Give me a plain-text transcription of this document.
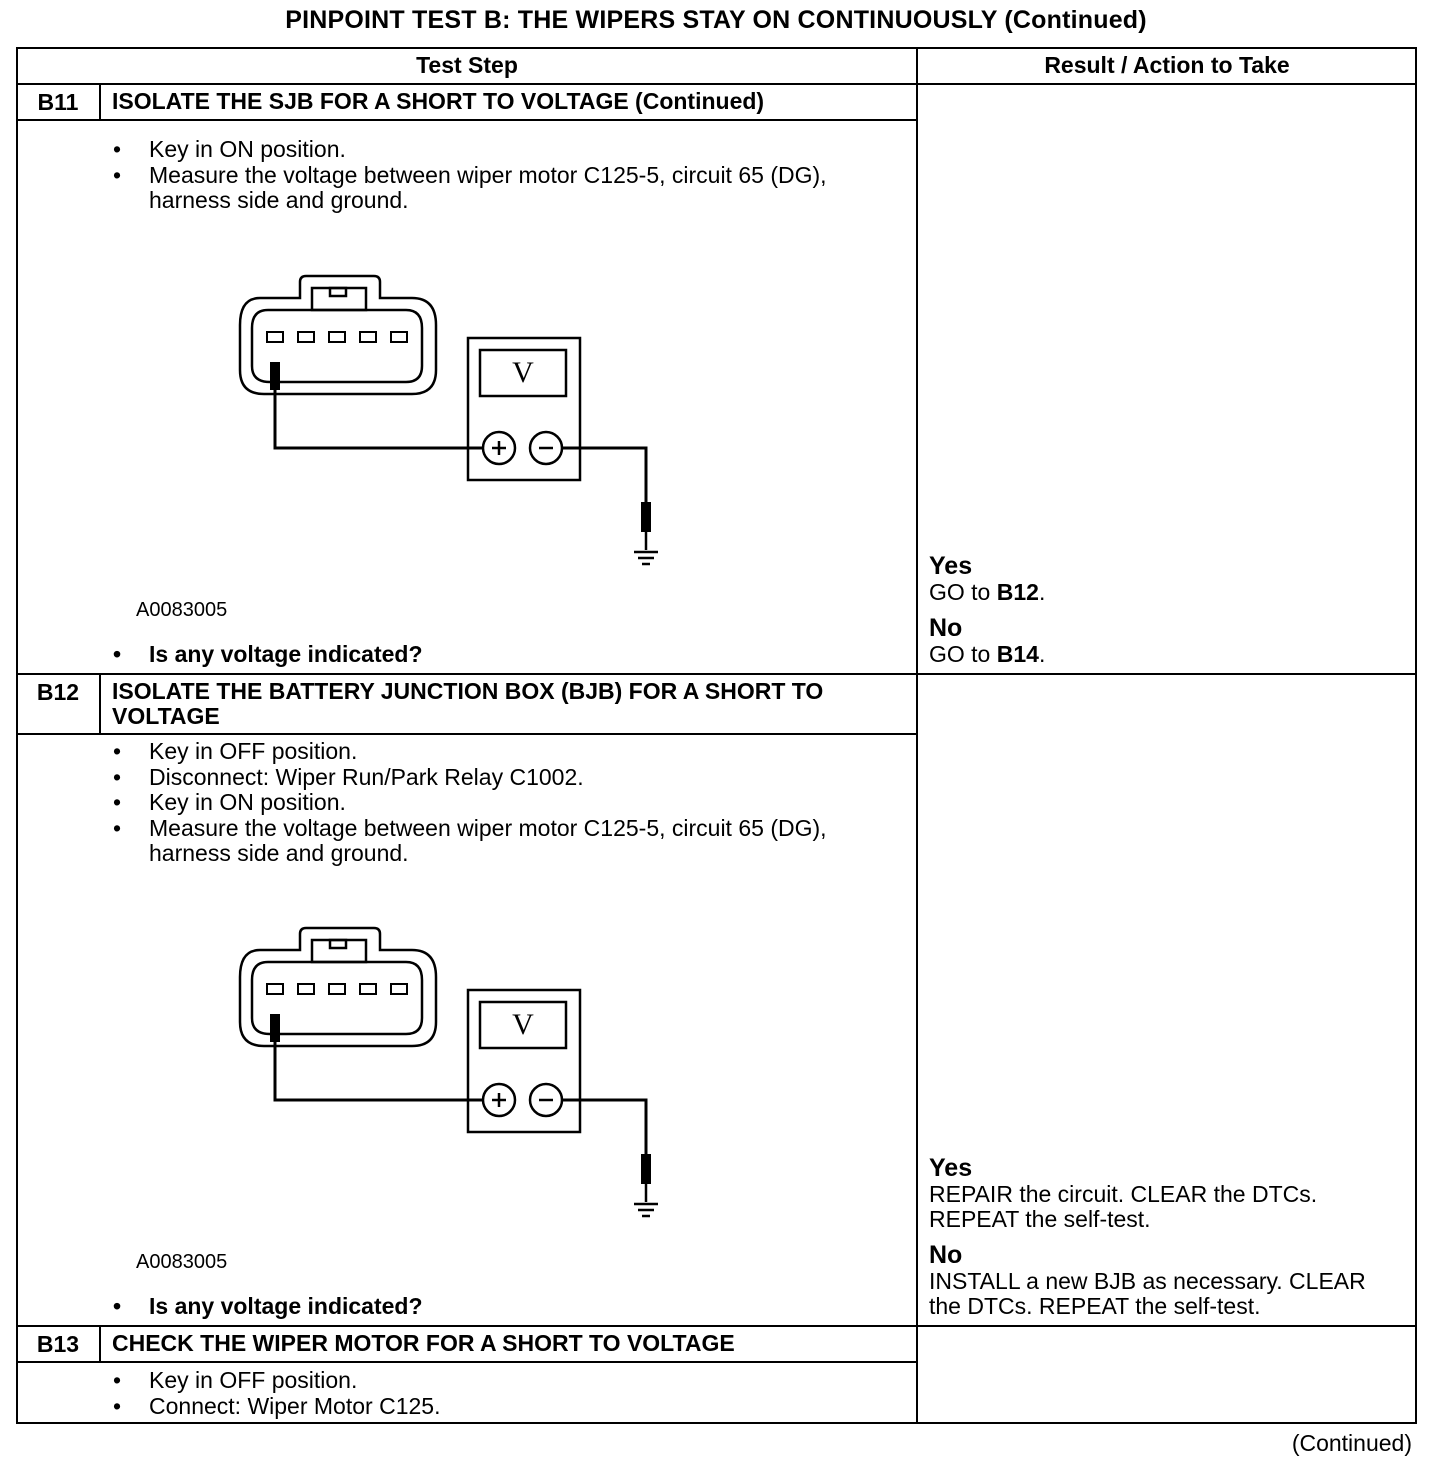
PINPOINT TEST B: THE WIPERS STAY ON CONTINUOUSLY (Continued)
Test Step	Result / Action to Take
B11	ISOLATE THE SJB FOR A SHORT TO VOLTAGE (Continued)
• Key in ON position.
• Measure the voltage between wiper motor C125-5, circuit 65 (DG), harness side and ground.
V
A0083005
• Is any voltage indicated?
Yes
GO to B12.
No
GO to B14.
B12	ISOLATE THE BATTERY JUNCTION BOX (BJB) FOR A SHORT TO VOLTAGE
• Key in OFF position.
• Disconnect: Wiper Run/Park Relay C1002.
• Key in ON position.
• Measure the voltage between wiper motor C125-5, circuit 65 (DG), harness side and ground.
V
A0083005
• Is any voltage indicated?
Yes
REPAIR the circuit. CLEAR the DTCs. REPEAT the self-test.
No
INSTALL a new BJB as necessary. CLEAR the DTCs. REPEAT the self-test.
B13	CHECK THE WIPER MOTOR FOR A SHORT TO VOLTAGE
• Key in OFF position.
• Connect: Wiper Motor C125.
(Continued)
